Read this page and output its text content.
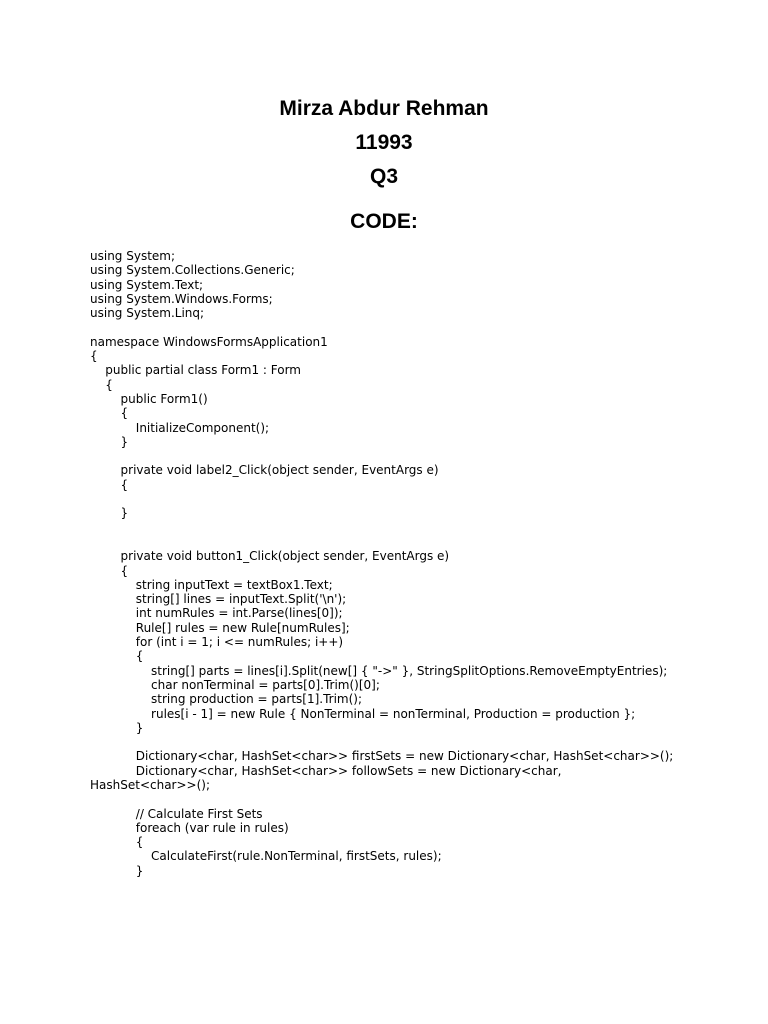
Mirza Abdur Rehman
11993
Q3
CODE:
using System;
using System.Collections.Generic;
using System.Text;
using System.Windows.Forms;
using System.Linq;
namespace WindowsFormsApplication1
{
public partial class Form1 : Form
{
public Form1()
{
InitializeComponent();
}
private void label2_Click(object sender, EventArgs e)
{
}
private void button1_Click(object sender, EventArgs e)
{
string inputText = textBox1.Text;
string[] lines = inputText.Split('\n');
int numRules = int.Parse(lines[0]);
Rule[] rules = new Rule[numRules];
for (int i = 1; i <= numRules; i++)
{
string[] parts = lines[i].Split(new[] { "->" }, StringSplitOptions.RemoveEmptyEntries);
char nonTerminal = parts[0].Trim()[0];
string production = parts[1].Trim();
rules[i - 1] = new Rule { NonTerminal = nonTerminal, Production = production };
}
Dictionary<char, HashSet<char>> firstSets = new Dictionary<char, HashSet<char>>();
Dictionary<char, HashSet<char>> followSets = new Dictionary<char,
HashSet<char>>();
// Calculate First Sets
foreach (var rule in rules)
{
CalculateFirst(rule.NonTerminal, firstSets, rules);
}
